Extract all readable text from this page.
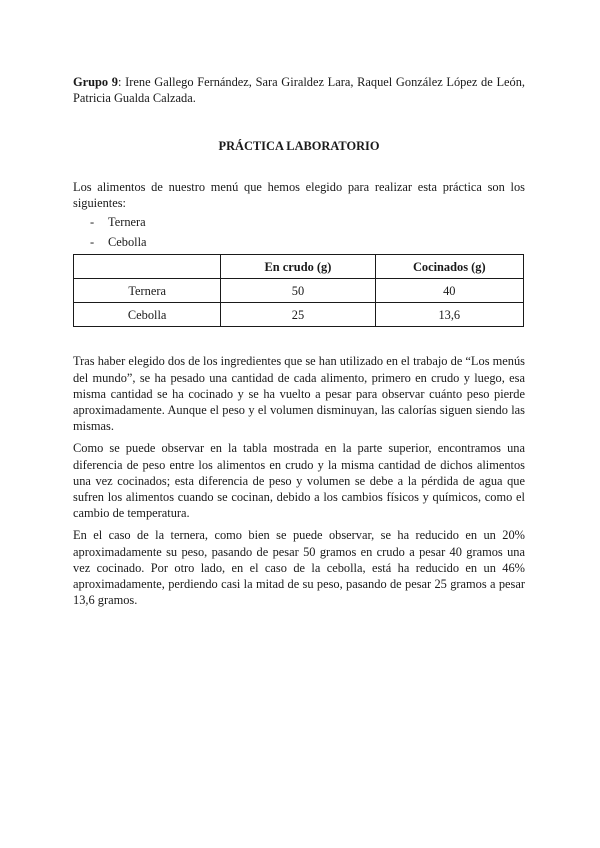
Grupo 9: Irene Gallego Fernández, Sara Giraldez Lara, Raquel González López de León, Patricia Gualda Calzada.

PRÁCTICA LABORATORIO

Los alimentos de nuestro menú que hemos elegido para realizar esta práctica son los siguientes:

- Ternera
- Cebolla
	En crudo (g)	Cocinados (g)
Ternera	50	40
Cebolla	25	13,6

Tras haber elegido dos de los ingredientes que se han utilizado en el trabajo de “Los menús del mundo”, se ha pesado una cantidad de cada alimento, primero en crudo y luego, esa misma cantidad se ha cocinado y se ha vuelto a pesar para observar cuánto peso pierde aproximadamente. Aunque el peso y el volumen disminuyan, las calorías siguen siendo las mismas.

Como se puede observar en la tabla mostrada en la parte superior, encontramos una diferencia de peso entre los alimentos en crudo y la misma cantidad de dichos alimentos una vez cocinados; esta diferencia de peso y volumen se debe a la pérdida de agua que sufren los alimentos cuando se cocinan, debido a los cambios físicos y químicos, como el cambio de temperatura.

En el caso de la ternera, como bien se puede observar, se ha reducido en un 20% aproximadamente su peso, pasando de pesar 50 gramos en crudo a pesar 40 gramos una vez cocinado. Por otro lado, en el caso de la cebolla, está ha reducido en un 46% aproximadamente, perdiendo casi la mitad de su peso, pasando de pesar 25 gramos a pesar 13,6 gramos.
